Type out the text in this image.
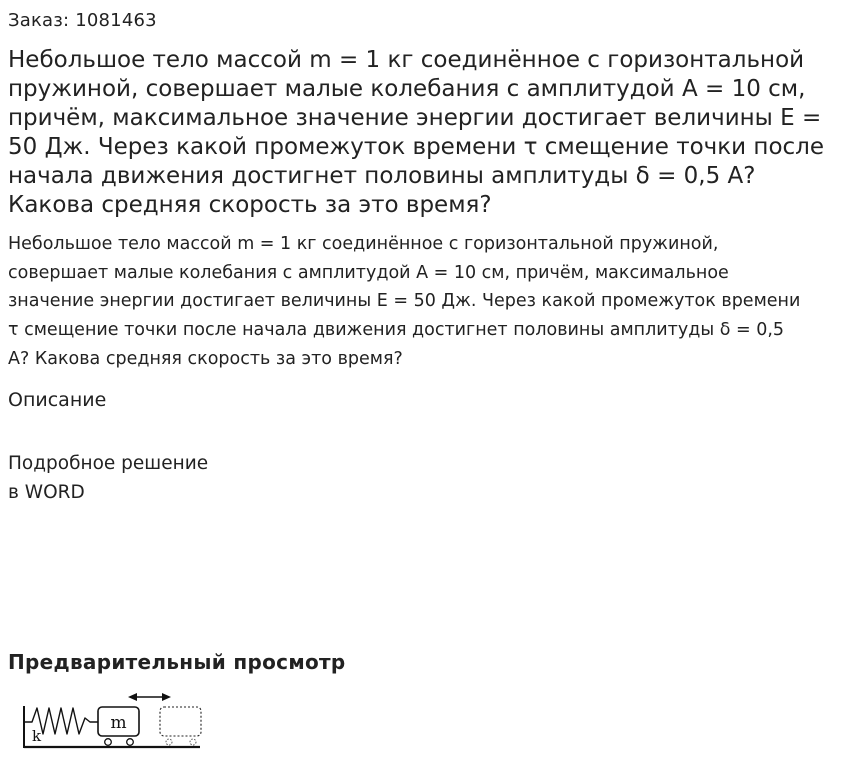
Заказ: 1081463
Небольшое тело массой m = 1 кг соединённое с горизонтальной пружиной, совершает малые колебания с амплитудой А = 10 см, причём, максимальное значение энергии достигает величины Е = 50 Дж. Через какой промежуток времени τ смещение точки после начала движения достигнет половины амплитуды δ = 0,5 А? Какова средняя скорость за это время?

Небольшое тело массой m = 1 кг соединённое с горизонтальной пружиной, совершает малые колебания с амплитудой А = 10 см, причём, максимальное значение энергии достигает величины Е = 50 Дж. Через какой промежуток времени τ смещение точки после начала движения достигнет половины амплитуды δ = 0,5 А? Какова средняя скорость за это время?

Описание
Подробное решение
в WORD
Предварительный просмотр
k
m
